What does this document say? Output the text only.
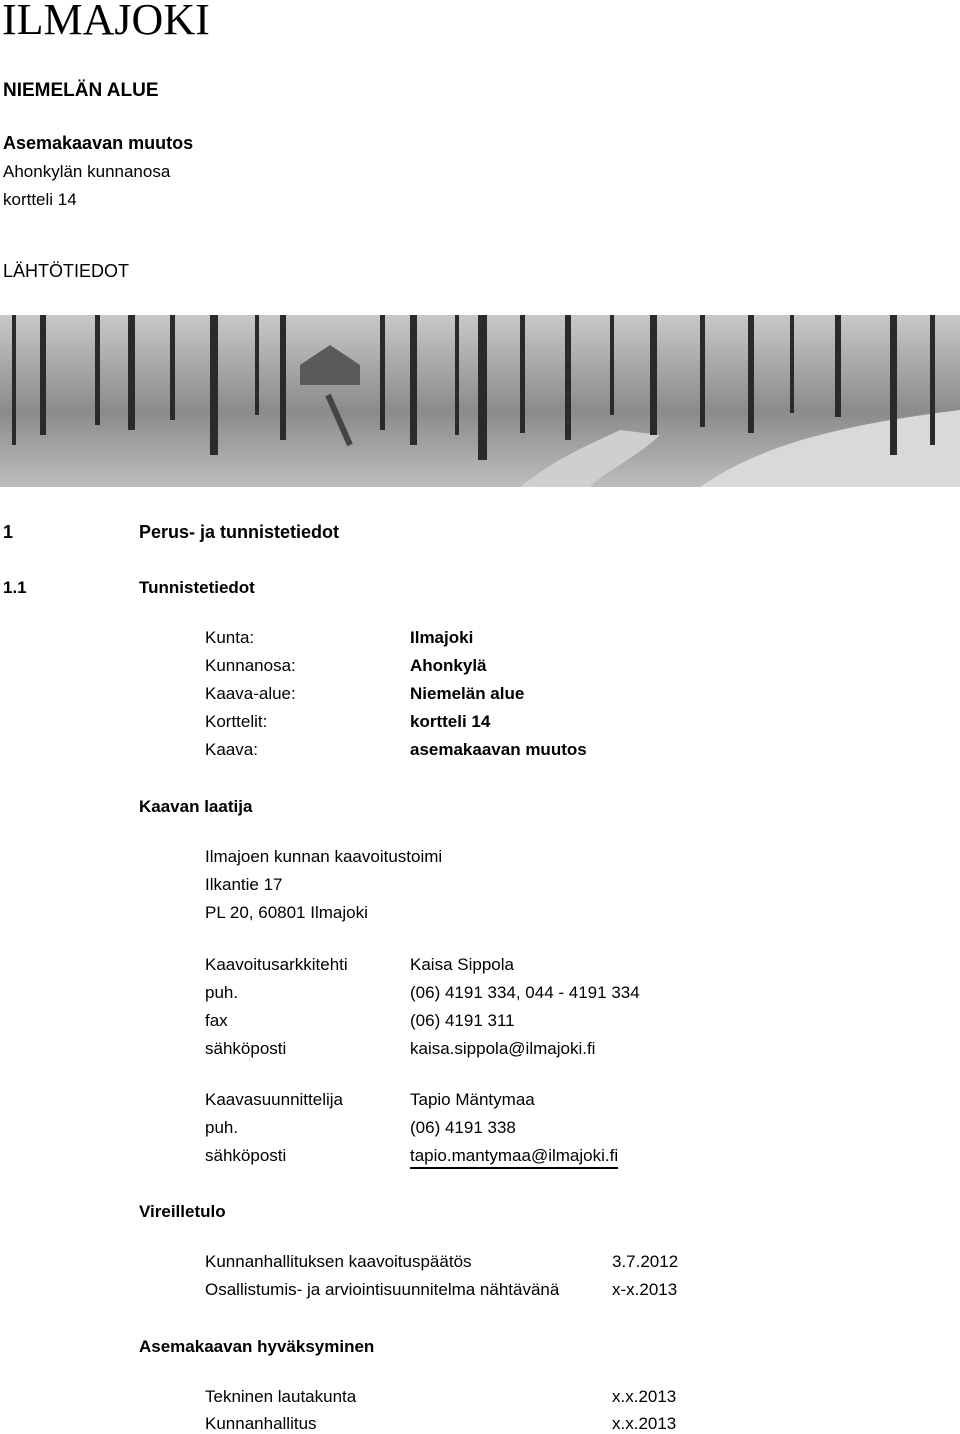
ILMAJOKI
NIEMELÄN ALUE
Asemakaavan muutos
Ahonkylän kunnanosa
kortteli 14
LÄHTÖTIEDOT
1	Perus- ja tunnistetiedot
1.1	Tunnistetiedot
Kunta:	Ilmajoki
Kunnanosa:	Ahonkylä
Kaava-alue:	Niemelän alue
Korttelit:	kortteli 14
Kaava:	asemakaavan muutos
Kaavan laatija
Ilmajoen kunnan kaavoitustoimi
Ilkantie 17
PL 20, 60801 Ilmajoki
Kaavoitusarkkitehti	Kaisa Sippola
puh.	(06) 4191 334, 044 - 4191 334
fax	(06) 4191 311
sähköposti	kaisa.sippola@ilmajoki.fi
Kaavasuunnittelija	Tapio Mäntymaa
puh.	(06) 4191 338
sähköposti	tapio.mantymaa@ilmajoki.fi
Vireilletulo
Kunnanhallituksen kaavoituspäätös	3.7.2012
Osallistumis- ja arviointisuunnitelma nähtävänä	x-x.2013
Asemakaavan hyväksyminen
Tekninen lautakunta	x.x.2013
Kunnanhallitus	x.x.2013
